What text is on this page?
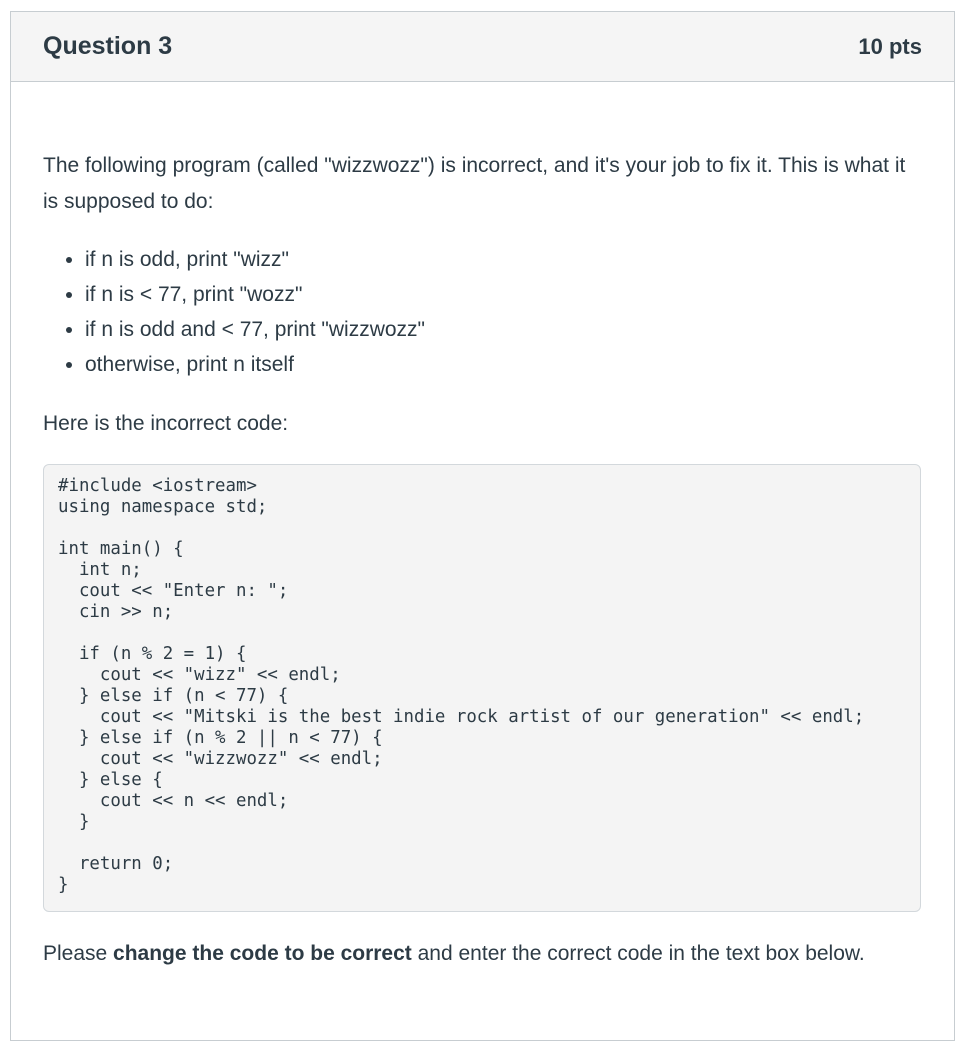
Question 3	10 pts

The following program (called "wizzwozz") is incorrect, and it's your job to fix it. This is what it is supposed to do:

• if n is odd, print "wizz"
• if n is < 77, print "wozz"
• if n is odd and < 77, print "wizzwozz"
• otherwise, print n itself

Here is the incorrect code:

#include <iostream>
using namespace std;

int main() {
int n;
cout << "Enter n: ";
cin >> n;

if (n % 2 = 1) {
cout << "wizz" << endl;
} else if (n < 77) {
cout << "Mitski is the best indie rock artist of our generation" << endl;
} else if (n % 2 || n < 77) {
cout << "wizzwozz" << endl;
} else {
cout << n << endl;
}

return 0;
}

Please change the code to be correct and enter the correct code in the text box below.
